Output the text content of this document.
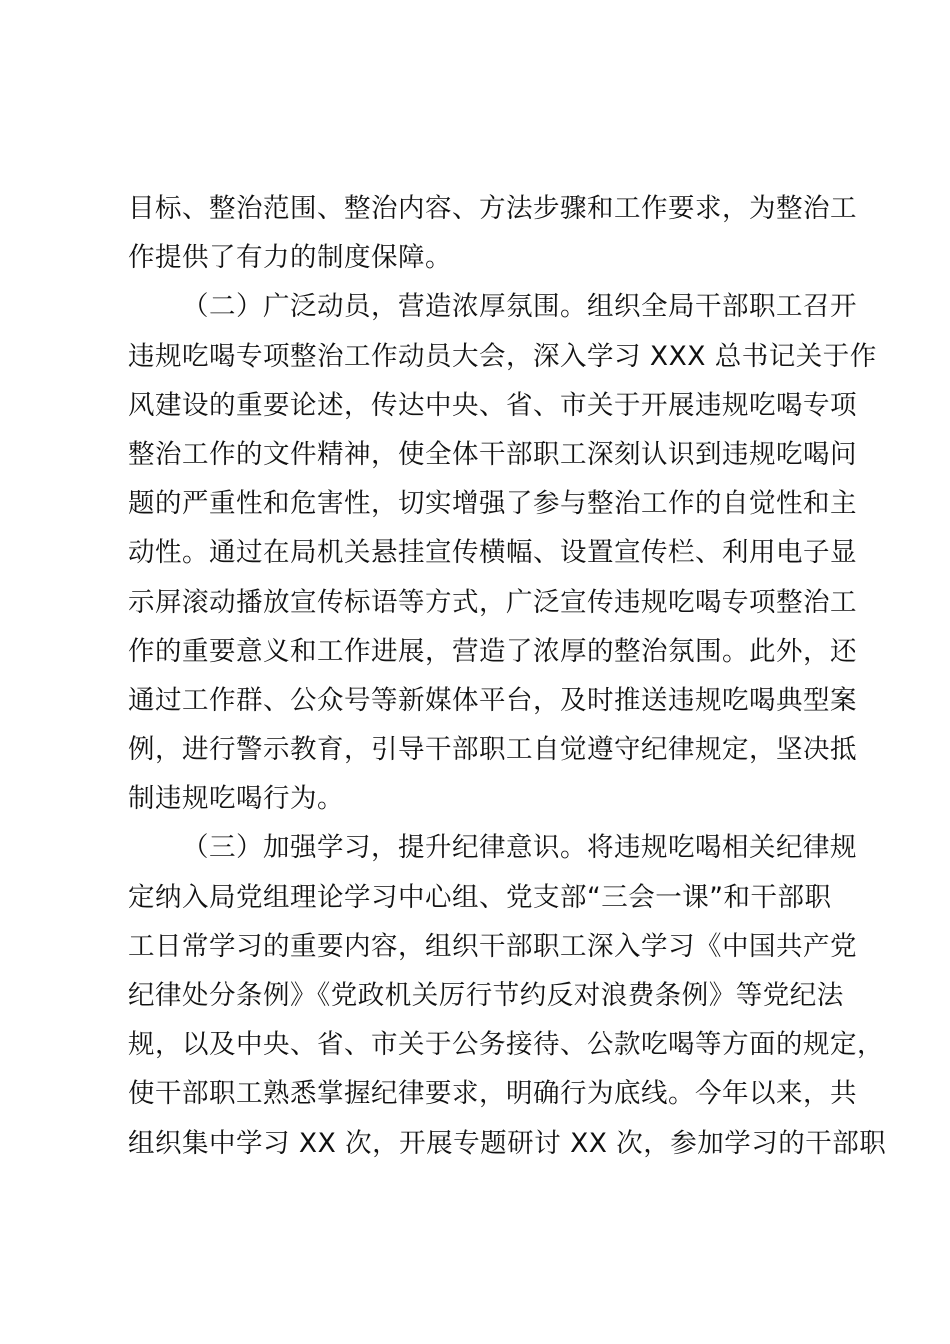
目标、整治范围、整治内容、方法步骤和工作要求，为整治工
作提供了有力的制度保障。
（二）广泛动员，营造浓厚氛围。组织全局干部职工召开
违规吃喝专项整治工作动员大会，深入学习 XXX 总书记关于作
风建设的重要论述，传达中央、省、市关于开展违规吃喝专项
整治工作的文件精神，使全体干部职工深刻认识到违规吃喝问
题的严重性和危害性，切实增强了参与整治工作的自觉性和主
动性。通过在局机关悬挂宣传横幅、设置宣传栏、利用电子显
示屏滚动播放宣传标语等方式，广泛宣传违规吃喝专项整治工
作的重要意义和工作进展，营造了浓厚的整治氛围。此外，还
通过工作群、公众号等新媒体平台，及时推送违规吃喝典型案
例，进行警示教育，引导干部职工自觉遵守纪律规定，坚决抵
制违规吃喝行为。
（三）加强学习，提升纪律意识。将违规吃喝相关纪律规
定纳入局党组理论学习中心组、党支部“三会一课”和干部职
工日常学习的重要内容，组织干部职工深入学习《中国共产党
纪律处分条例》《党政机关厉行节约反对浪费条例》等党纪法
规，以及中央、省、市关于公务接待、公款吃喝等方面的规定，
使干部职工熟悉掌握纪律要求，明确行为底线。今年以来，共
组织集中学习 XX 次，开展专题研讨 XX 次，参加学习的干部职
